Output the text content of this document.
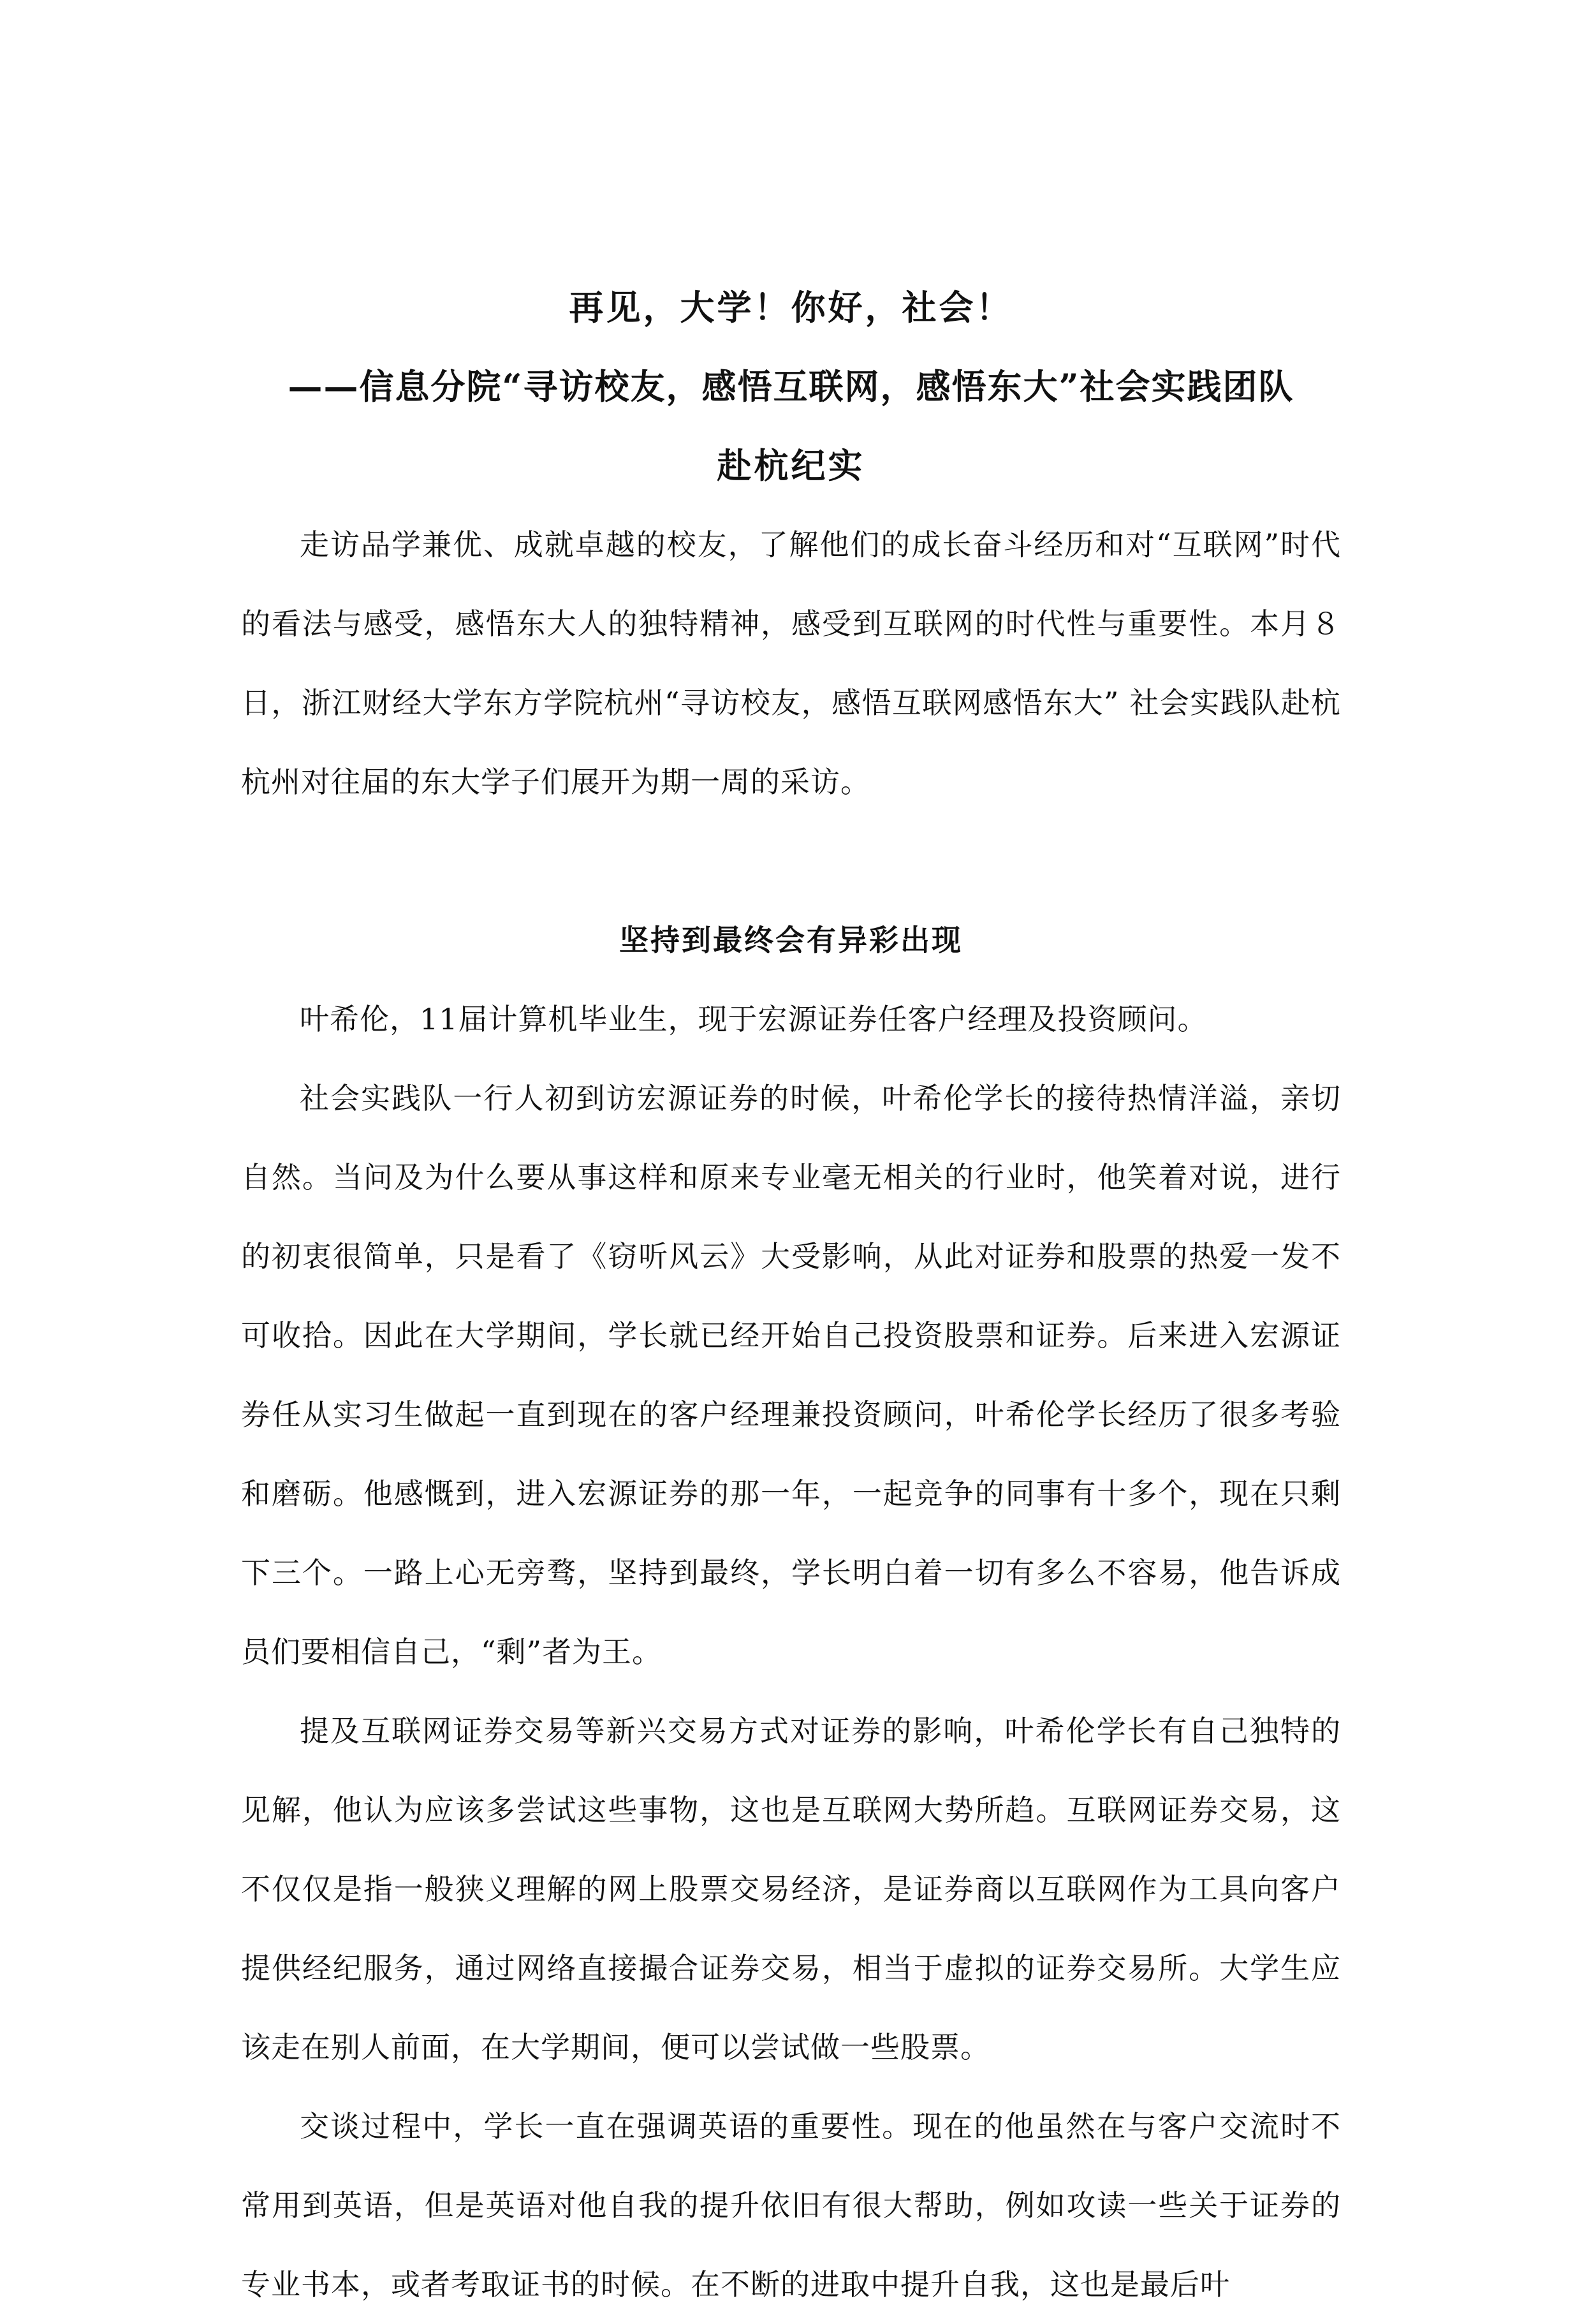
再见，大学！你好，社会！
——信息分院“寻访校友，感悟互联网，感悟东大”社会实践团队
赴杭纪实

走访品学兼优、成就卓越的校友，了解他们的成长奋斗经历和对“互联网”时代的看法与感受，感悟东大人的独特精神，感受到互联网的时代性与重要性。本月８日，浙江财经大学东方学院杭州“寻访校友，感悟互联网感悟东大” 社会实践队赴杭杭州对往届的东大学子们展开为期一周的采访。

坚持到最终会有异彩出现

叶希伦，11届计算机毕业生，现于宏源证券任客户经理及投资顾问。

社会实践队一行人初到访宏源证券的时候，叶希伦学长的接待热情洋溢，亲切自然。当问及为什么要从事这样和原来专业毫无相关的行业时，他笑着对说，进行的初衷很简单，只是看了《窃听风云》大受影响，从此对证券和股票的热爱一发不可收拾。因此在大学期间，学长就已经开始自己投资股票和证券。后来进入宏源证券任从实习生做起一直到现在的客户经理兼投资顾问，叶希伦学长经历了很多考验和磨砺。他感慨到，进入宏源证券的那一年，一起竞争的同事有十多个，现在只剩下三个。一路上心无旁骛，坚持到最终，学长明白着一切有多么不容易，他告诉成员们要相信自己，“剩”者为王。

提及互联网证券交易等新兴交易方式对证券的影响，叶希伦学长有自己独特的见解，他认为应该多尝试这些事物，这也是互联网大势所趋。互联网证券交易，这不仅仅是指一般狭义理解的网上股票交易经济，是证券商以互联网作为工具向客户提供经纪服务，通过网络直接撮合证券交易，相当于虚拟的证券交易所。大学生应该走在别人前面，在大学期间，便可以尝试做一些股票。

交谈过程中，学长一直在强调英语的重要性。现在的他虽然在与客户交流时不常用到英语，但是英语对他自我的提升依旧有很大帮助，例如攻读一些关于证券的专业书本，或者考取证书的时候。在不断的进取中提升自我，这也是最后叶
